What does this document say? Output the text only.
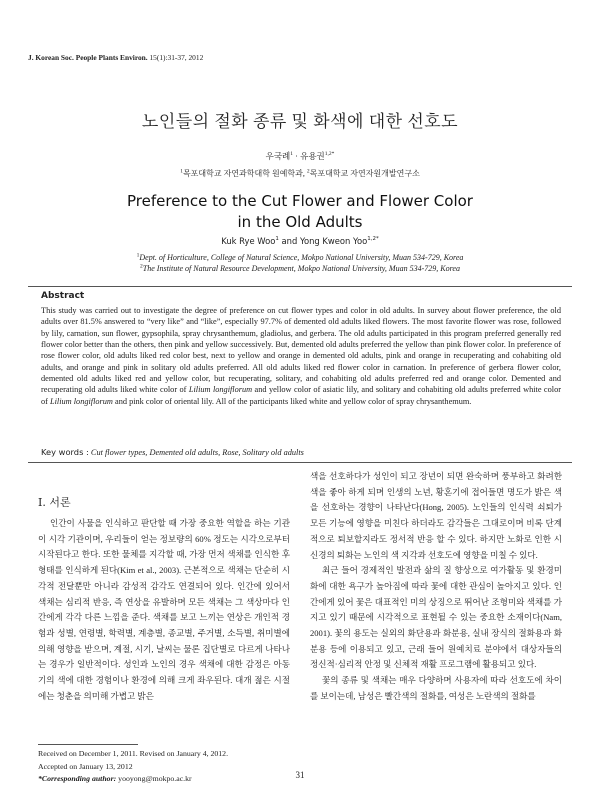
J. Korean Soc. People Plants Environ. 15(1):31-37, 2012
노인들의 절화 종류 및 화색에 대한 선호도
우국례$^1$ · 유용권$^{1,2*}$
$^1$목포대학교 자연과학대학 원예학과, $^2$목포대학교 자연자원개발연구소
Preference to the Cut Flower and Flower Color
in the Old Adults
Kuk Rye Woo$^1$ and Yong Kweon Yoo$^{1,2*}$
$^1$Dept. of Horticulture, College of Natural Science, Mokpo National University, Muan 534-729, Korea
$^2$The Institute of Natural Resource Development, Mokpo National University, Muan 534-729, Korea
Abstract
This study was carried out to investigate the degree of preference on cut flower types and color in old adults. In survey about flower preference, the old adults over 81.5% answered to “very like” and “like”, especially 97.7% of demented old adults liked flowers. The most favorite flower was rose, followed by lily, carnation, sun flower, gypsophila, spray chrysanthemum, gladiolus, and gerbera. The old adults participated in this program preferred generally red flower color better than the others, then pink and yellow successively. But, demented old adults preferred the yellow than pink flower color. In preference of rose flower color, old adults liked red color best, next to yellow and orange in demented old adults, pink and orange in recuperating and cohabiting old adults, and orange and pink in solitary old adults preferred. All old adults liked red flower color in carnation. In preference of gerbera flower color, demented old adults liked red and yellow color, but recuperating, solitary, and cohabiting old adults preferred red and orange color. Demented and recuperating old adults liked white color of Lilium longiflorum and yellow color of asiatic lily, and solitary and cohabiting old adults preferred white color of Lilium longiflorum and pink color of oriental lily. All of the participants liked white and yellow color of spray chrysanthemum.
Key words : Cut flower types, Demented old adults, Rose, Solitary old adults
Ⅰ. 서론

인간이 사물을 인식하고 판단할 때 가장 중요한 역할을 하는 기관이 시각 기관이며, 우리들이 얻는 정보량의 60% 정도는 시각으로부터 시작된다고 한다. 또한 물체를 지각할 때, 가장 먼저 색채를 인식한 후 형태를 인식하게 된다(Kim et al., 2003). 근본적으로 색채는 단순히 시각적 전달뿐만 아니라 감성적 감각도 연결되어 있다. 인간에 있어서 색채는 심리적 반응, 즉 연상을 유발하며 모든 색채는 그 색상마다 인간에게 각각 다른 느낌을 준다. 색채를 보고 느끼는 연상은 개인적 경험과 성별, 연령별, 학력별, 계층별, 종교별, 주거별, 소득별, 취미별에 의해 영향을 받으며, 계절, 시기, 날씨는 물론 집단별로 다르게 나타나는 경우가 일반적이다. 성인과 노인의 경우 색채에 대한 감정은 아동기의 색에 대한 경험이나 환경에 의해 크게 좌우된다. 대개 젊은 시절에는 청춘을 의미해 가볍고 밝은

색을 선호하다가 성인이 되고 장년이 되면 완숙하며 풍부하고 화려한 색을 좋아 하게 되며 인생의 노년, 황혼기에 접어들면 명도가 밝은 색을 선호하는 경향이 나타난다(Hong, 2005). 노인들의 인식력 쇠퇴가 모든 기능에 영향을 미친다 하더라도 감각들은 그대로이며 비록 단계적으로 퇴보할지라도 정서적 반응 할 수 있다. 하지만 노화로 인한 시 신경의 퇴화는 노인의 색 지각과 선호도에 영향을 미칠 수 있다.

최근 들어 경제적인 발전과 삶의 질 향상으로 여가활동 및 환경미화에 대한 욕구가 높아짐에 따라 꽃에 대한 관심이 높아지고 있다. 인간에게 있어 꽃은 대표적인 미의 상징으로 뛰어난 조형미와 색채를 가지고 있기 때문에 시각적으로 표현될 수 있는 중요한 소재이다(Nam, 2001). 꽃의 용도는 실외의 화단용과 화분용, 실내 장식의 절화용과 화분용 등에 이용되고 있고, 근래 들어 원예치료 분야에서 대상자들의 정신적·심리적 안정 및 신체적 재활 프로그램에 활용되고 있다.

꽃의 종류 및 색채는 매우 다양하며 사용자에 따라 선호도에 차이를 보이는데, 남성은 빨간색의 절화를, 여성은 노란색의 절화를

Received on December 1, 2011. Revised on January 4, 2012.
Accepted on January 13, 2012
*Corresponding author: yooyong@mokpo.ac.kr	31
